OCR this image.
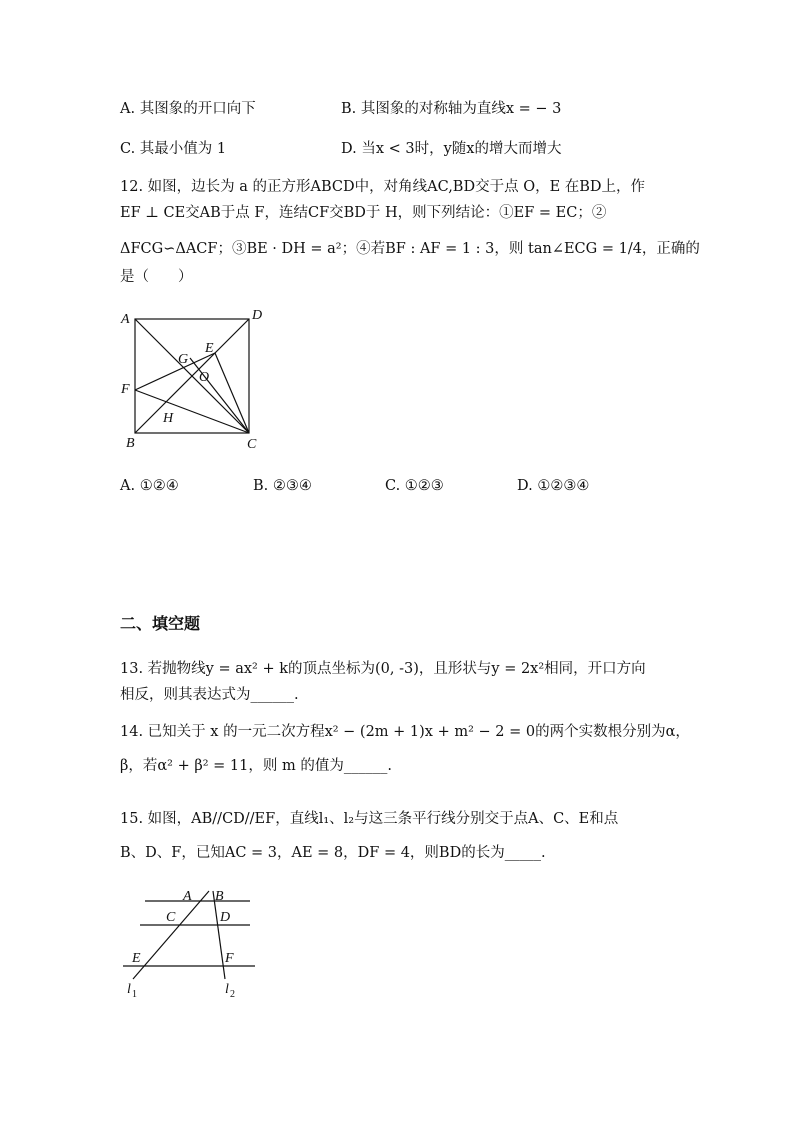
A. 其图象的开口向下	B. 其图象的对称轴为直线x = − 3
C. 其最小值为 1	D. 当x < 3时，y随x的增大而增大
12. 如图，边长为 a 的正方形ABCD中，对角线AC,BD交于点 O，E 在BD上，作
EF ⊥ CE交AB于点 F，连结CF交BD于 H，则下列结论：①EF = EC；②
ΔFCG∽ΔACF；③BE · DH = a²；④若BF : AF = 1 : 3，则 tan∠ECG = 1/4，正确的
是（　　）
A	D
B	C
E
F
G
H
O
A. ①②④	B. ②③④	C. ①②③	D. ①②③④
二、填空题
13. 若抛物线y = ax² + k的顶点坐标为(0, -3)，且形状与y = 2x²相同，开口方向
相反，则其表达式为______.
14. 已知关于 x 的一元二次方程x² − (2m + 1)x + m² − 2 = 0的两个实数根分别为α，
β，若α² + β² = 11，则 m 的值为______.
15. 如图，AB//CD//EF，直线l₁、l₂与这三条平行线分别交于点A、C、E和点
B、D、F，已知AC = 3，AE = 8，DF = 4，则BD的长为_____.
A B
C	D
E	F
l 1	l 2
